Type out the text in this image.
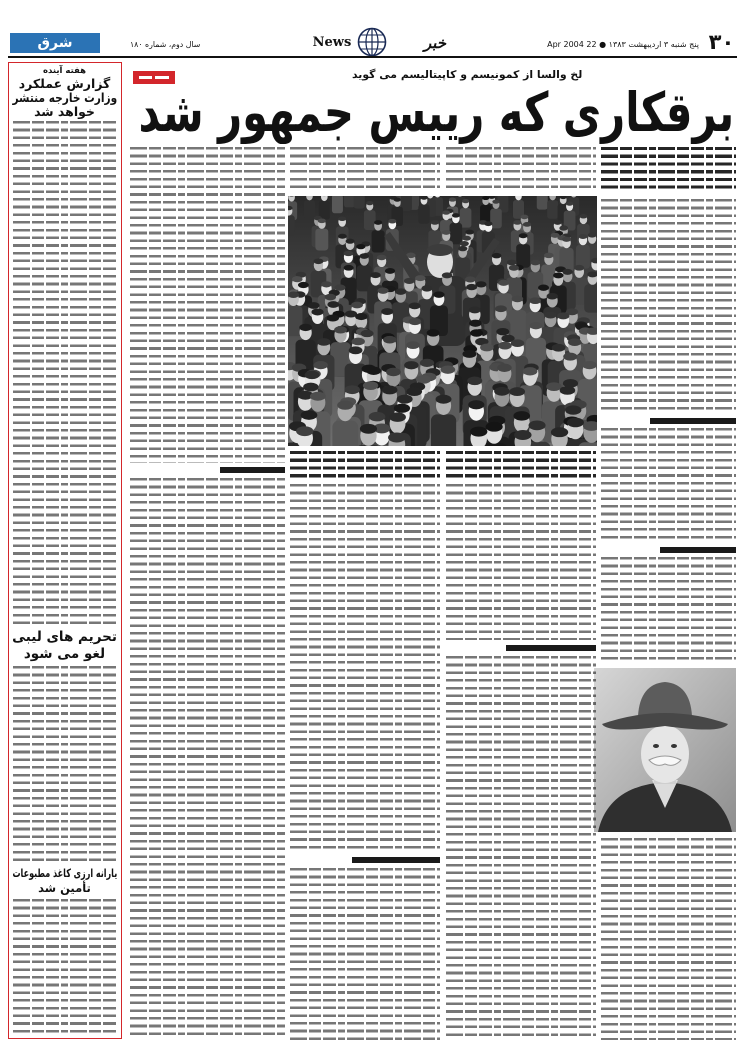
۳۰
پنج شنبه ۳ اردیبهشت ۱۳۸۳ ● 22 Apr 2004
خبر
News
سال دوم، شماره ۱۸۰
شرق
هفته آینده
گزارش عملکرد
وزارت خارجه منتشر
خواهد شد
تحریم های لیبی
لغو می شود
یارانه ارزی کاغذ مطبوعات
تأمین شد
لخ والسا از کمونیسم و کاپیتالیسم می گوید
برقکاری که رییس جمهور شد
